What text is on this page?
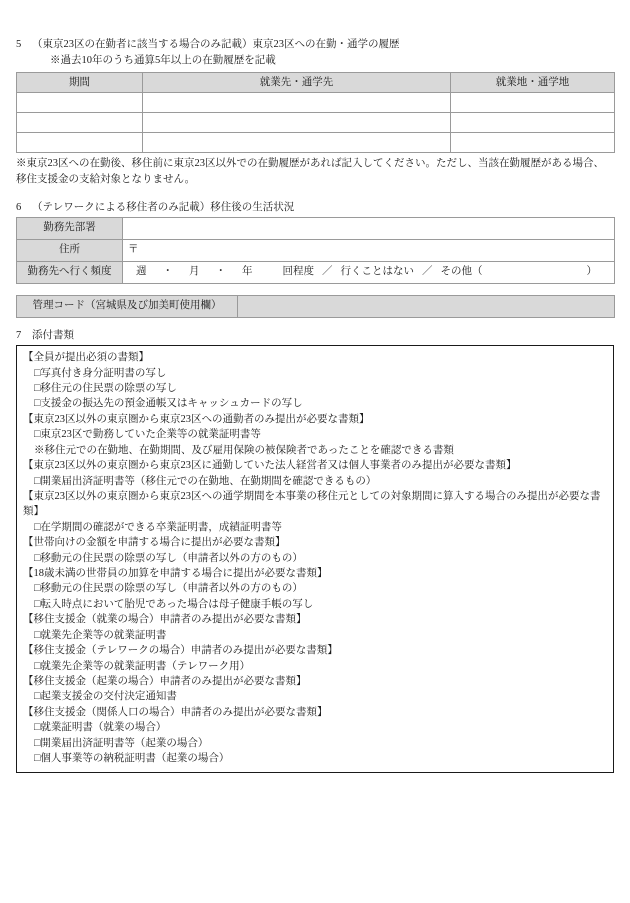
5	（東京23区の在勤者に該当する場合のみ記載）東京23区への在勤・通学の履歴
※過去10年のうち通算5年以上の在勤履歴を記載
期間	就業先・通学先	就業地・通学地

※東京23区への在勤後、移住前に東京23区以外での在勤履歴があれば記入してください。ただし、当該在勤履歴がある場合、移住支援金の支給対象となりません。

6	（テレワークによる移住者のみ記載）移住後の生活状況
勤務先部署	
住所	〒
勤務先へ行く頻度	週 ・ 月 ・ 年	回程度 ／ 行くことはない ／ その他（	）
管理コード（宮城県及び加美町使用欄）	
7	添付書類
【全員が提出必須の書類】
□写真付き身分証明書の写し
□移住元の住民票の除票の写し
□支援金の振込先の預金通帳又はキャッシュカードの写し
【東京23区以外の東京圏から東京23区への通勤者のみ提出が必要な書類】
□東京23区で勤務していた企業等の就業証明書等
※移住元での在勤地、在勤期間、及び雇用保険の被保険者であったことを確認できる書類
【東京23区以外の東京圏から東京23区に通勤していた法人経営者又は個人事業者のみ提出が必要な書類】
□開業届出済証明書等（移住元での在勤地、在勤期間を確認できるもの）
【東京23区以外の東京圏から東京23区への通学期間を本事業の移住元としての対象期間に算入する場合のみ提出が必要な書類】
□在学期間の確認ができる卒業証明書，成績証明書等
【世帯向けの金額を申請する場合に提出が必要な書類】
□移動元の住民票の除票の写し（申請者以外の方のもの）
【18歳未満の世帯員の加算を申請する場合に提出が必要な書類】
□移動元の住民票の除票の写し（申請者以外の方のもの）
□転入時点において胎児であった場合は母子健康手帳の写し
【移住支援金（就業の場合）申請者のみ提出が必要な書類】
□就業先企業等の就業証明書
【移住支援金（テレワークの場合）申請者のみ提出が必要な書類】
□就業先企業等の就業証明書（テレワーク用）
【移住支援金（起業の場合）申請者のみ提出が必要な書類】
□起業支援金の交付決定通知書
【移住支援金（関係人口の場合）申請者のみ提出が必要な書類】
□就業証明書（就業の場合）
□開業届出済証明書等（起業の場合）
□個人事業等の納税証明書（起業の場合）
